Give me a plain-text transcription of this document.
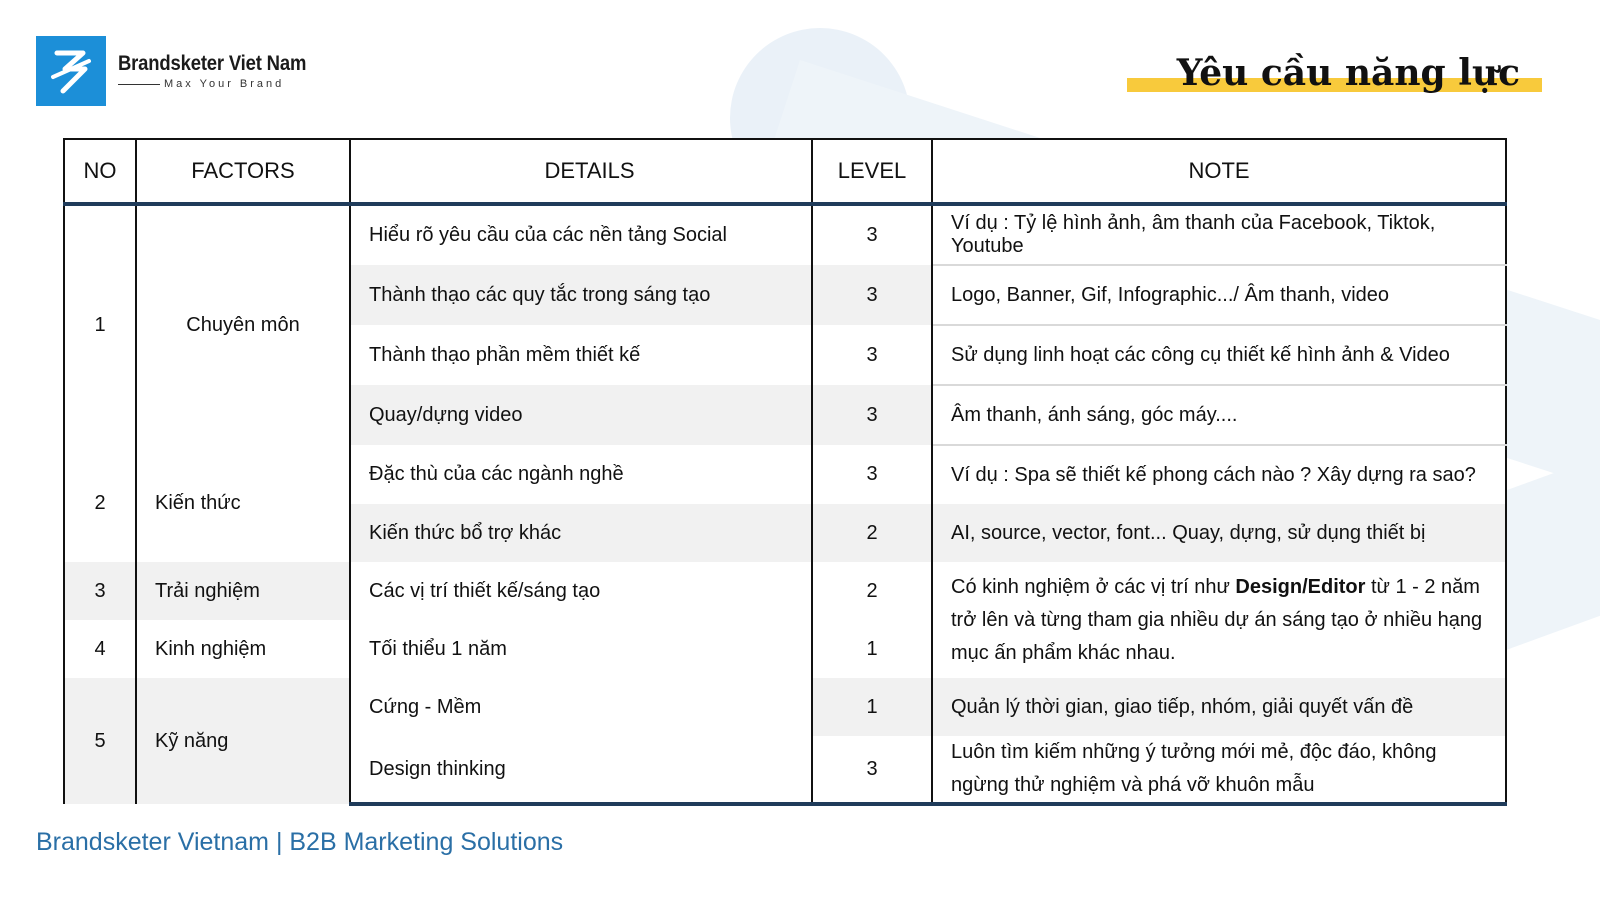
Brandsketer Viet Nam
Max Your Brand	Yêu cầu năng lực
NO	FACTORS	DETAILS	LEVEL	NOTE
1	Chuyên môn	Hiểu rõ yêu cầu của các nền tảng Social	3	Ví dụ : Tỷ lệ hình ảnh, âm thanh của Facebook, Tiktok, Youtube
		Thành thạo các quy tắc trong sáng tạo	3	Logo, Banner, Gif, Infographic.../ Âm thanh, video
		Thành thạo phần mềm thiết kế	3	Sử dụng linh hoạt các công cụ thiết kế hình ảnh & Video
		Quay/dựng video	3	Âm thanh, ánh sáng, góc máy....
2	Kiến thức	Đặc thù của các ngành nghề	3	Ví dụ : Spa sẽ thiết kế phong cách nào ? Xây dựng ra sao?
		Kiến thức bổ trợ khác	2	AI, source, vector, font... Quay, dựng, sử dụng thiết bị
3	Trải nghiệm	Các vị trí thiết kế/sáng tạo	2	Có kinh nghiệm ở các vị trí như Design/Editor từ 1 - 2 năm trở lên và từng tham gia nhiều dự án sáng tạo ở nhiều hạng mục ấn phẩm khác nhau.
4	Kinh nghiệm	Tối thiểu 1 năm	1	
5	Kỹ năng	Cứng - Mềm	1	Quản lý thời gian, giao tiếp, nhóm, giải quyết vấn đề
		Design thinking	3	Luôn tìm kiếm những ý tưởng mới mẻ, độc đáo, không ngừng thử nghiệm và phá vỡ khuôn mẫu
Brandsketer Vietnam | B2B Marketing Solutions
